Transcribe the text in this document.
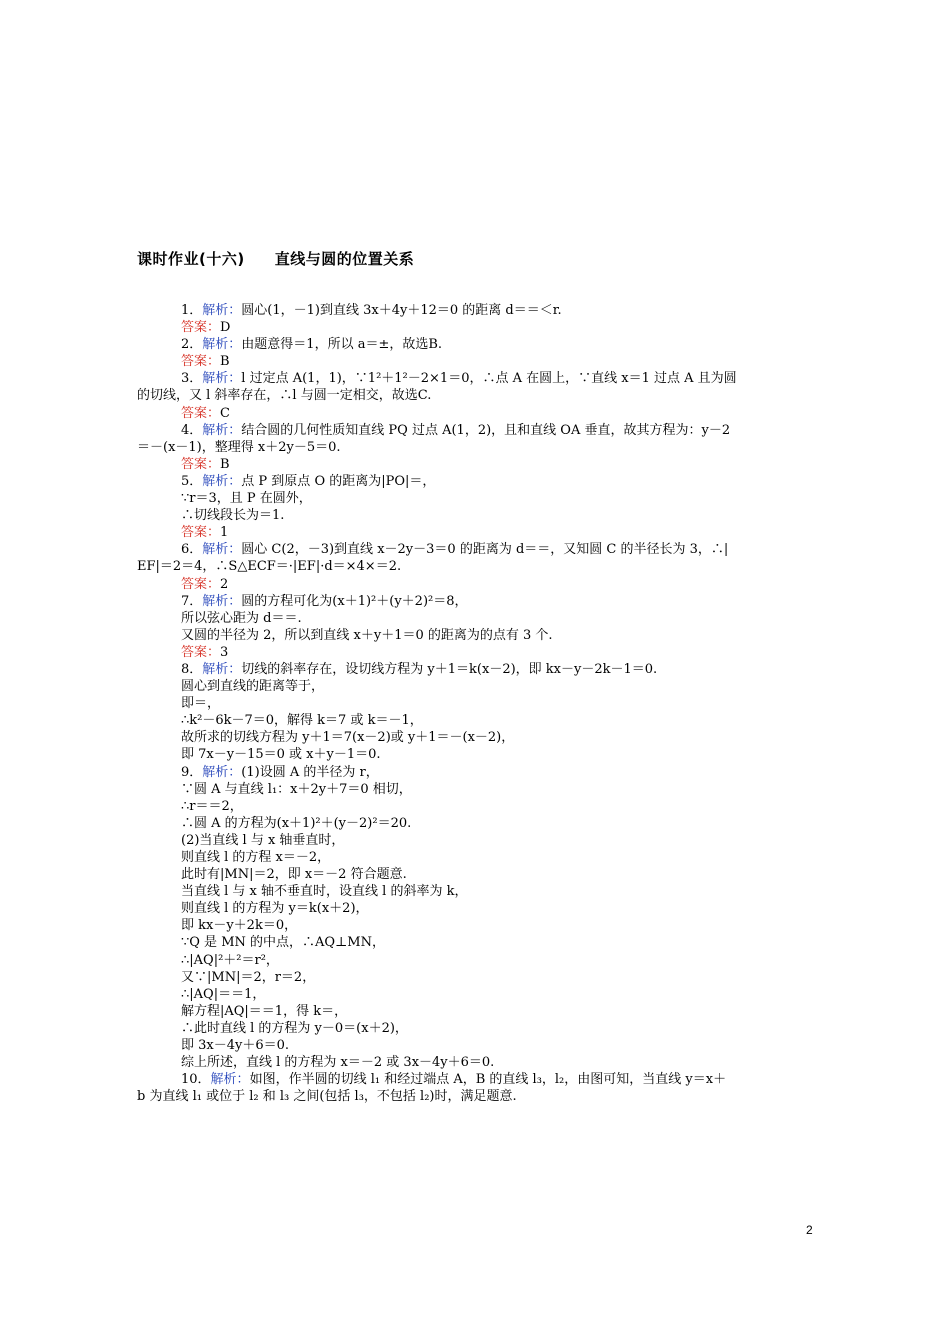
课时作业(十六) 直线与圆的位置关系
1．解析：圆心(1，－1)到直线 3x＋4y＋12＝0 的距离 d＝＝＜r.
答案：D
2．解析：由题意得＝1，所以 a＝±，故选B.
答案：B
3．解析：l 过定点 A(1，1)，∵1²＋1²－2×1＝0，∴点 A 在圆上，∵直线 x＝1 过点 A 且为圆
的切线，又 l 斜率存在，∴l 与圆一定相交，故选C.
答案：C
4．解析：结合圆的几何性质知直线 PQ 过点 A(1，2)，且和直线 OA 垂直，故其方程为：y－2
＝－(x－1)，整理得 x＋2y－5＝0.
答案：B
5．解析：点 P 到原点 O 的距离为|PO|＝，
∵r＝3，且 P 在圆外，
∴切线段长为＝1.
答案：1
6．解析：圆心 C(2，－3)到直线 x－2y－3＝0 的距离为 d＝＝，又知圆 C 的半径长为 3，∴|
EF|＝2＝4，∴S△ECF＝·|EF|·d＝×4×＝2.
答案：2
7．解析：圆的方程可化为(x＋1)²＋(y＋2)²＝8，
所以弦心距为 d＝＝.
又圆的半径为 2，所以到直线 x＋y＋1＝0 的距离为的点有 3 个.
答案：3
8．解析：切线的斜率存在，设切线方程为 y＋1＝k(x－2)，即 kx－y－2k－1＝0.
圆心到直线的距离等于，
即＝，
∴k²－6k－7＝0，解得 k＝7 或 k＝－1，
故所求的切线方程为 y＋1＝7(x－2)或 y＋1＝－(x－2)，
即 7x－y－15＝0 或 x＋y－1＝0.
9．解析：(1)设圆 A 的半径为 r，
∵圆 A 与直线 l₁：x＋2y＋7＝0 相切，
∴r＝＝2，
∴圆 A 的方程为(x＋1)²＋(y－2)²＝20.
(2)当直线 l 与 x 轴垂直时，
则直线 l 的方程 x＝－2，
此时有|MN|＝2，即 x＝－2 符合题意.
当直线 l 与 x 轴不垂直时，设直线 l 的斜率为 k，
则直线 l 的方程为 y＝k(x＋2)，
即 kx－y＋2k＝0，
∵Q 是 MN 的中点，∴AQ⊥MN，
∴|AQ|²＋²＝r²，
又∵|MN|＝2，r＝2，
∴|AQ|＝＝1，
解方程|AQ|＝＝1，得 k＝，
∴此时直线 l 的方程为 y－0＝(x＋2)，
即 3x－4y＋6＝0.
综上所述，直线 l 的方程为 x＝－2 或 3x－4y＋6＝0.
10．解析：如图，作半圆的切线 l₁ 和经过端点 A，B 的直线 l₃，l₂，由图可知，当直线 y＝x＋
b 为直线 l₁ 或位于 l₂ 和 l₃ 之间(包括 l₃，不包括 l₂)时，满足题意.
2
